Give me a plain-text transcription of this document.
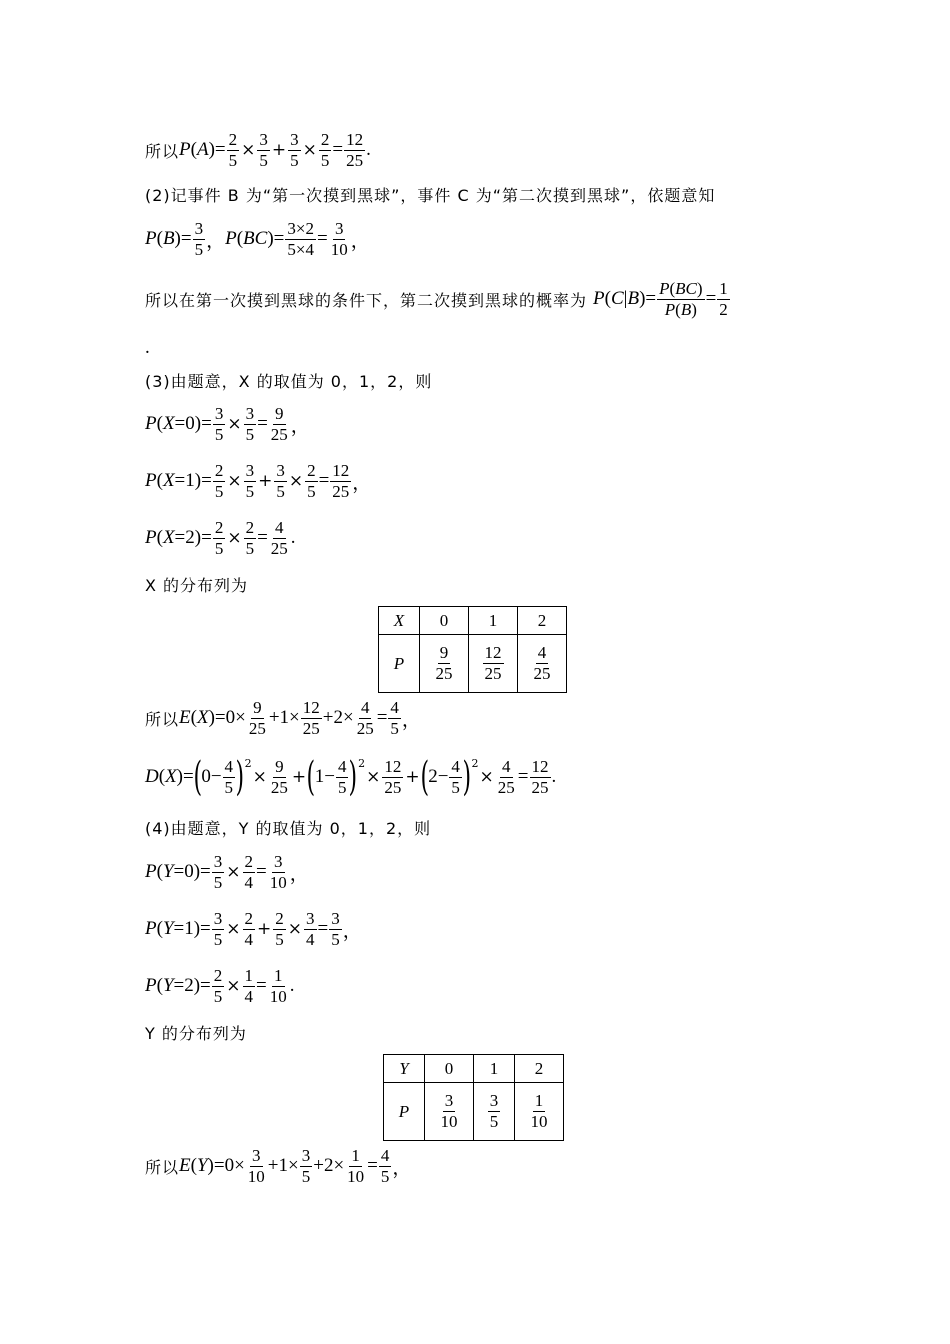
所以 $P(A)= \frac{2}{5} \times \frac{3}{5} + \frac{3}{5} \times \frac{2}{5} = \frac{12}{25}$ .
(2)记事件 B 为“第一次摸到黑球”，事件 C 为“第二次摸到黑球”，依题意知
$P(B)= \frac{3}{5}$ ， $P(BC)= \frac{3\times 2}{5\times 4} = \frac{3}{10}$ ，
所以在第一次摸到黑球的条件下，第二次摸到黑球的概率为 $P(C|B)= \frac{P(BC)}{P(B)} = \frac{1}{2}$
.
(3)由题意，X 的取值为 0，1，2，则
$P(X=0)= \frac{3}{5} \times \frac{3}{5} = \frac{9}{25}$ ，
$P(X=1)= \frac{2}{5} \times \frac{3}{5} + \frac{3}{5} \times \frac{2}{5} = \frac{12}{25}$ ，
$P(X=2)= \frac{2}{5} \times \frac{2}{5} = \frac{4}{25}$ .
X 的分布列为
X	0	1	2
P	$\frac{9}{25}$	$\frac{12}{25}$	$\frac{4}{25}$
所以 $E(X)=0\times \frac{9}{25} +1\times \frac{12}{25} +2\times \frac{4}{25} = \frac{4}{5}$ ，
D(X)= ( $0- \frac{4}{5}$ ) 2
× $\frac{9}{25}$ + ( $1- \frac{4}{5}$ ) 2
× $\frac{12}{25}$ + ( $2- \frac{4}{5}$ ) 2
× $\frac{4}{25} = \frac{12}{25}$ .
(4)由题意，Y 的取值为 0，1，2，则
$P(Y=0)= \frac{3}{5} \times \frac{2}{4} = \frac{3}{10}$ ，
$P(Y=1)= \frac{3}{5} \times \frac{2}{4} + \frac{2}{5} \times \frac{3}{4} = \frac{3}{5}$ ，
$P(Y=2)= \frac{2}{5} \times \frac{1}{4} = \frac{1}{10}$ .
Y 的分布列为
Y	0	1	2
P	$\frac{3}{10}$	$\frac{3}{5}$	$\frac{1}{10}$
所以 $E(Y)=0\times \frac{3}{10} +1\times \frac{3}{5} +2\times \frac{1}{10} = \frac{4}{5}$ ，
